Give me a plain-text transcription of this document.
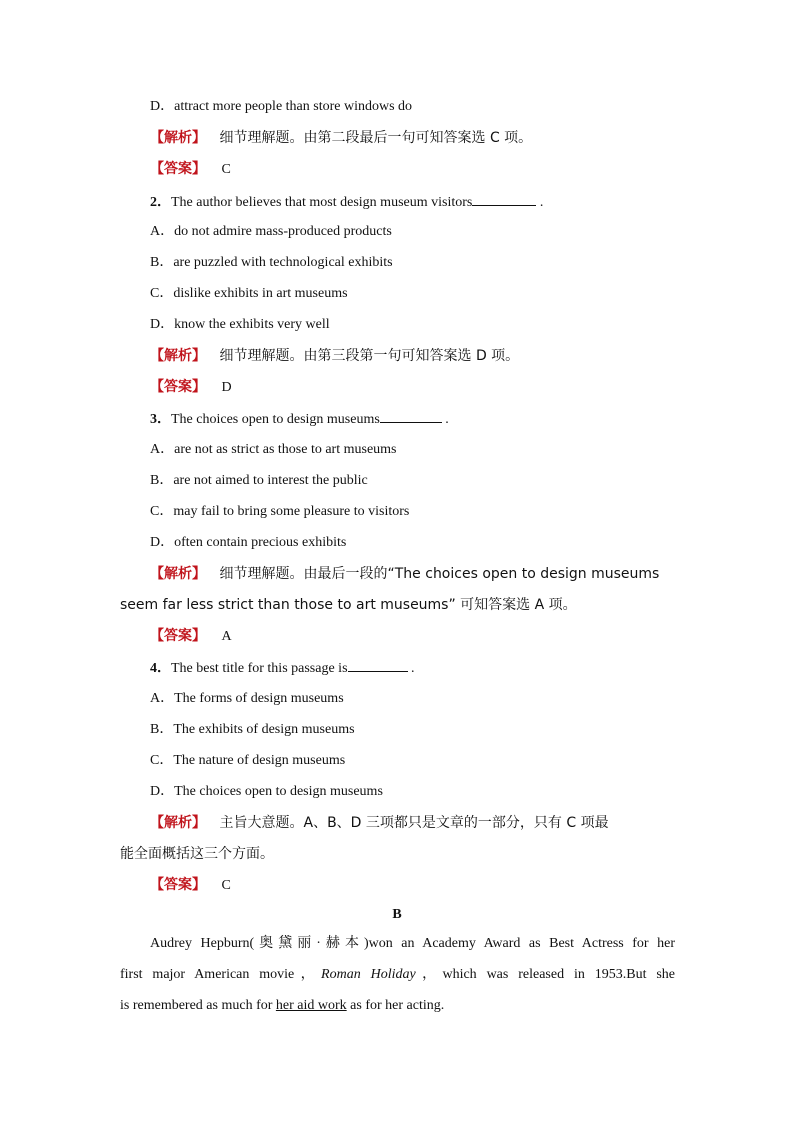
D．attract more people than store windows do
【解析】 细节理解题。由第二段最后一句可知答案选 C 项。
【答案】 C
2．The author believes that most design museum visitors	.
A．do not admire mass-produced products
B．are puzzled with technological exhibits
C．dislike exhibits in art museums
D．know the exhibits very well
【解析】 细节理解题。由第三段第一句可知答案选 D 项。
【答案】 D
3．The choices open to design museums	.
A．are not as strict as those to art museums
B．are not aimed to interest the public
C．may fail to bring some pleasure to visitors
D．often contain precious exhibits
【解析】 细节理解题。由最后一段的“The choices open to design museums
seem far less strict than those to art museums” 可知答案选 A 项。
【答案】 A
4．The best title for this passage is	.
A．The forms of design museums
B．The exhibits of design museums
C．The nature of design museums
D．The choices open to design museums
【解析】 主旨大意题。A、B、D 三项都只是文章的一部分，只有 C 项最
能全面概括这三个方面。
【答案】 C
B
Audrey Hepburn(奥黛丽·赫本)won an Academy Award as Best Actress for her
first major American movie，Roman Holiday，which was released in 1953.But she
is remembered as much for her aid work as for her acting.
